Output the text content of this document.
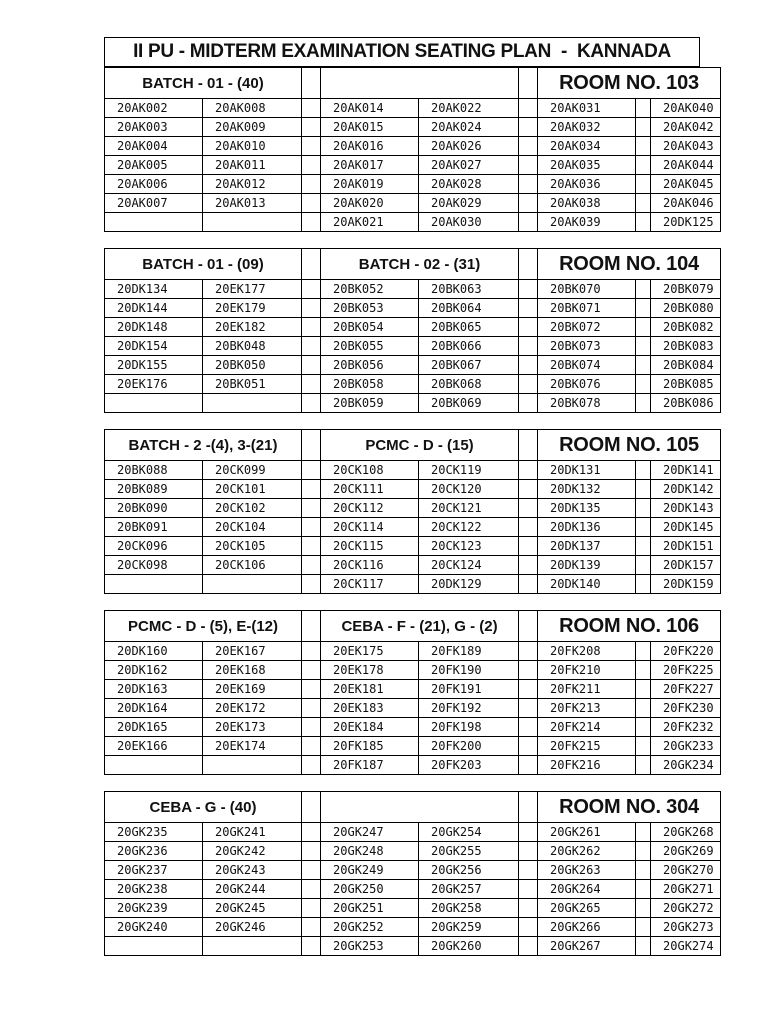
II PU - MIDTERM EXAMINATION SEATING PLAN  -  KANNADA
BATCH - 01 - (40)						ROOM NO. 103		
20AK002	20AK008		20AK014	20AK022		20AK031		20AK040
20AK003	20AK009		20AK015	20AK024		20AK032		20AK042
20AK004	20AK010		20AK016	20AK026		20AK034		20AK043
20AK005	20AK011		20AK017	20AK027		20AK035		20AK044
20AK006	20AK012		20AK019	20AK028		20AK036		20AK045
20AK007	20AK013		20AK020	20AK029		20AK038		20AK046
			20AK021	20AK030		20AK039		20DK125
BATCH - 01 - (09)			BATCH - 02 - (31)			ROOM NO. 104		
20DK134	20EK177		20BK052	20BK063		20BK070		20BK079
20DK144	20EK179		20BK053	20BK064		20BK071		20BK080
20DK148	20EK182		20BK054	20BK065		20BK072		20BK082
20DK154	20BK048		20BK055	20BK066		20BK073		20BK083
20DK155	20BK050		20BK056	20BK067		20BK074		20BK084
20EK176	20BK051		20BK058	20BK068		20BK076		20BK085
			20BK059	20BK069		20BK078		20BK086
BATCH - 2 -(4), 3-(21)			PCMC - D - (15)			ROOM NO. 105		
20BK088	20CK099		20CK108	20CK119		20DK131		20DK141
20BK089	20CK101		20CK111	20CK120		20DK132		20DK142
20BK090	20CK102		20CK112	20CK121		20DK135		20DK143
20BK091	20CK104		20CK114	20CK122		20DK136		20DK145
20CK096	20CK105		20CK115	20CK123		20DK137		20DK151
20CK098	20CK106		20CK116	20CK124		20DK139		20DK157
			20CK117	20DK129		20DK140		20DK159
PCMC - D - (5), E-(12)			CEBA - F - (21), G - (2)			ROOM NO. 106		
20DK160	20EK167		20EK175	20FK189		20FK208		20FK220
20DK162	20EK168		20EK178	20FK190		20FK210		20FK225
20DK163	20EK169		20EK181	20FK191		20FK211		20FK227
20DK164	20EK172		20EK183	20FK192		20FK213		20FK230
20DK165	20EK173		20EK184	20FK198		20FK214		20FK232
20EK166	20EK174		20FK185	20FK200		20FK215		20GK233
			20FK187	20FK203		20FK216		20GK234
CEBA - G - (40)						ROOM NO. 304		
20GK235	20GK241		20GK247	20GK254		20GK261		20GK268
20GK236	20GK242		20GK248	20GK255		20GK262		20GK269
20GK237	20GK243		20GK249	20GK256		20GK263		20GK270
20GK238	20GK244		20GK250	20GK257		20GK264		20GK271
20GK239	20GK245		20GK251	20GK258		20GK265		20GK272
20GK240	20GK246		20GK252	20GK259		20GK266		20GK273
			20GK253	20GK260		20GK267		20GK274
